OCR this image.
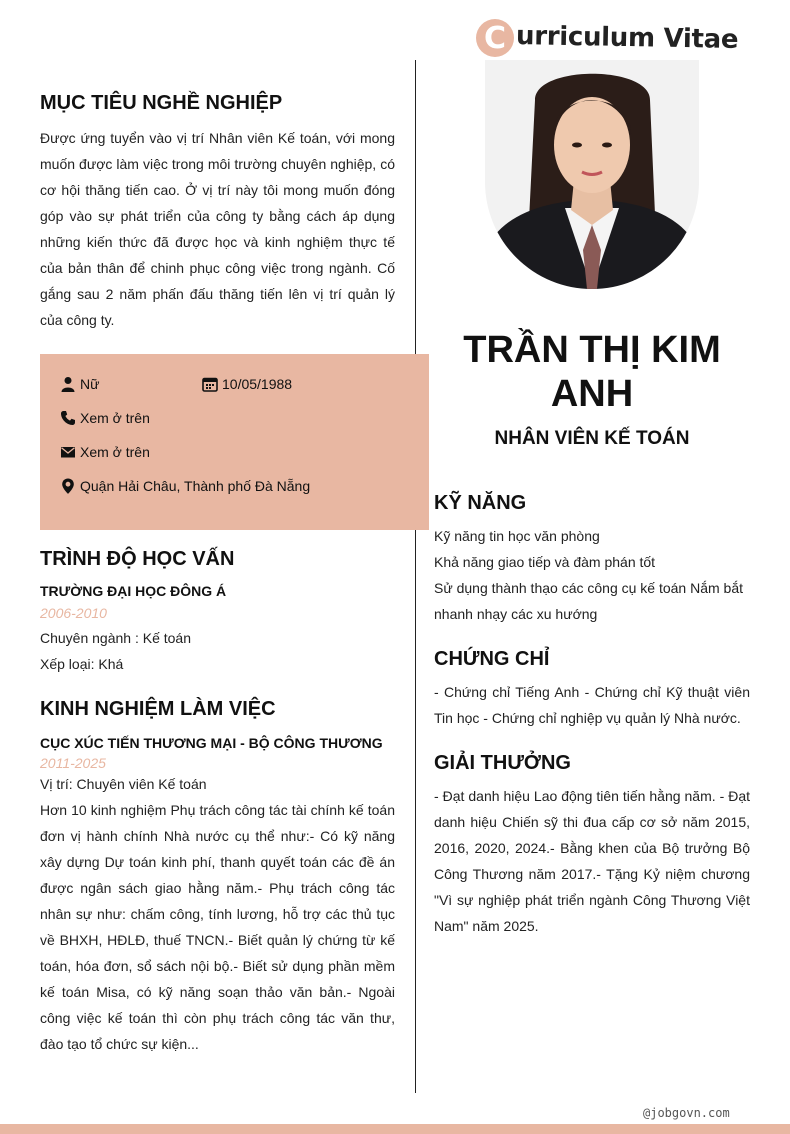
C urriculum Vitae
MỤC TIÊU NGHỀ NGHIỆP

Được ứng tuyển vào vị trí Nhân viên Kế toán, với mong muốn được làm việc trong môi trường chuyên nghiệp, có cơ hội thăng tiến cao. Ở vị trí này tôi mong muốn đóng góp vào sự phát triển của công ty bằng cách áp dụng những kiến thức đã được học và kinh nghiệm thực tế của bản thân để chinh phục công việc trong ngành. Cố gắng sau 2 năm phấn đấu thăng tiến lên vị trí quản lý của công ty.

Nữ	10/05/1988
Xem ở trên
Xem ở trên
Quận Hải Châu, Thành phố Đà Nẵng
TRÌNH ĐỘ HỌC VẤN
TRƯỜNG ĐẠI HỌC ĐÔNG Á
2006-2010
Chuyên ngành : Kế toán
Xếp loại: Khá
KINH NGHIỆM LÀM VIỆC
CỤC XÚC TIẾN THƯƠNG MẠI - BỘ CÔNG THƯƠNG
2011-2025
Vị trí: Chuyên viên Kế toán

Hơn 10 kinh nghiệm Phụ trách công tác tài chính kế toán đơn vị hành chính Nhà nước cụ thể như:- Có kỹ năng xây dựng Dự toán kinh phí, thanh quyết toán các đề án được ngân sách giao hằng năm.- Phụ trách công tác nhân sự như: chấm công, tính lương, hỗ trợ các thủ tục về BHXH, HĐLĐ, thuế TNCN.- Biết quản lý chứng từ kế toán, hóa đơn, sổ sách nội bộ.- Biết sử dụng phần mềm kế toán Misa, có kỹ năng soạn thảo văn bản.- Ngoài công việc kế toán thì còn phụ trách công tác văn thư, đào tạo tổ chức sự kiện...

TRẦN THỊ KIM ANH
NHÂN VIÊN KẾ TOÁN
KỸ NĂNG
Kỹ năng tin học văn phòng
Khả năng giao tiếp và đàm phán tốt
Sử dụng thành thạo các công cụ kế toán Nắm bắt nhanh nhạy các xu hướng
CHỨNG CHỈ

- Chứng chỉ Tiếng Anh - Chứng chỉ Kỹ thuật viên Tin học - Chứng chỉ nghiệp vụ quản lý Nhà nước.

GIẢI THƯỞNG

- Đạt danh hiệu Lao động tiên tiến hằng năm. - Đạt danh hiệu Chiến sỹ thi đua cấp cơ sở năm 2015, 2016, 2020, 2024.- Bằng khen của Bộ trưởng Bộ Công Thương năm 2017.- Tặng Kỷ niệm chương "Vì sự nghiệp phát triển ngành Công Thương Việt Nam" năm 2025.

@jobgovn.com
